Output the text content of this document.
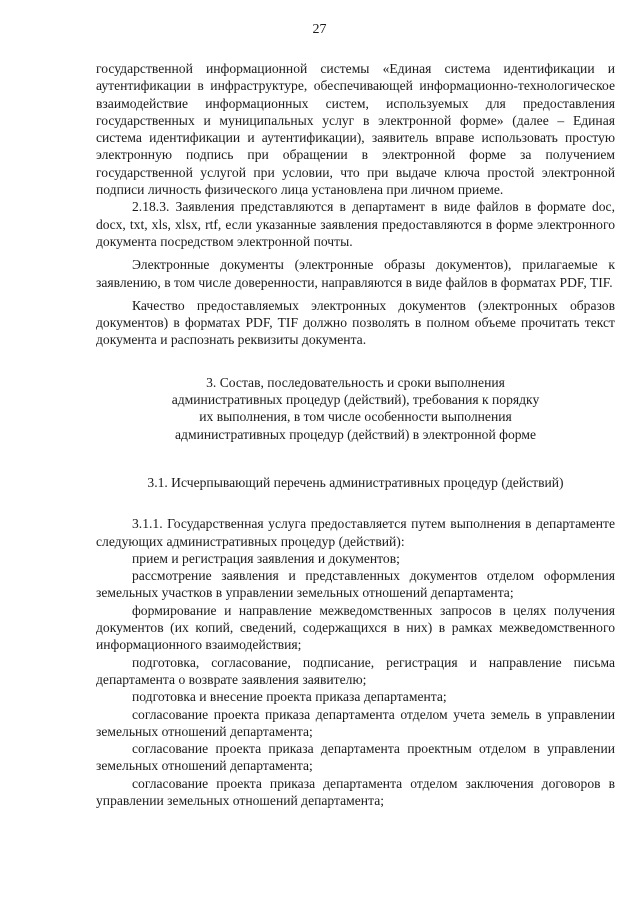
27

государственной информационной системы «Единая система идентификации и аутентификации в инфраструктуре, обеспечивающей информационно-технологическое взаимодействие информационных систем, используемых для предоставления государственных и муниципальных услуг в электронной форме» (далее – Единая система идентификации и аутентификации), заявитель вправе использовать простую электронную подпись при обращении в электронной форме за получением государственной услугой при условии, что при выдаче ключа простой электронной подписи личность физического лица установлена при личном приеме.

2.18.3. Заявления представляются в департамент в виде файлов в формате doc, docx, txt, xls, xlsx, rtf, если указанные заявления предоставляются в форме электронного документа посредством электронной почты.

Электронные документы (электронные образы документов), прилагаемые к заявлению, в том числе доверенности, направляются в виде файлов в форматах PDF, TIF.

Качество предоставляемых электронных документов (электронных образов документов) в форматах PDF, TIF должно позволять в полном объеме прочитать текст документа и распознать реквизиты документа.

3. Состав, последовательность и сроки выполнения административных процедур (действий), требования к порядку их выполнения, в том числе особенности выполнения административных процедур (действий) в электронной форме

3.1. Исчерпывающий перечень административных процедур (действий)

3.1.1. Государственная услуга предоставляется путем выполнения в департаменте следующих административных процедур (действий):

прием и регистрация заявления и документов;

рассмотрение заявления и представленных документов отделом оформления земельных участков в управлении земельных отношений департамента;

формирование и направление межведомственных запросов в целях получения документов (их копий, сведений, содержащихся в них) в рамках межведомственного информационного взаимодействия;

подготовка, согласование, подписание, регистрация и направление письма департамента о возврате заявления заявителю;

подготовка и внесение проекта приказа департамента;

согласование проекта приказа департамента отделом учета земель в управлении земельных отношений департамента;

согласование проекта приказа департамента проектным отделом в управлении земельных отношений департамента;

согласование проекта приказа департамента отделом заключения договоров в управлении земельных отношений департамента;
